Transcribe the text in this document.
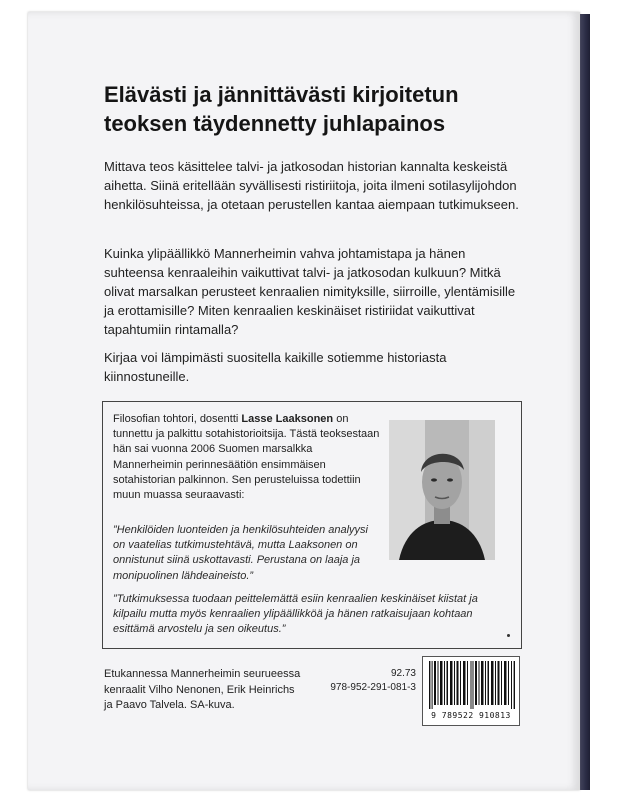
Elävästi ja jännittävästi kirjoitetun teoksen täydennetty juhlapainos

Mittava teos käsittelee talvi- ja jatkosodan historian kannalta keskeistä aihetta. Siinä eritellään syvällisesti ristiriitoja, joita ilmeni sotilasylijohdon henkilösuhteissa, ja otetaan perustellen kantaa aiempaan tutkimukseen.

Kuinka ylipäällikkö Mannerheimin vahva johtamistapa ja hänen suhteensa kenraaleihin vaikuttivat talvi- ja jatkosodan kulkuun? Mitkä olivat marsalkan perusteet kenraalien nimityksille, siirroille, ylentämisille ja erottamisille? Miten kenraalien keskinäiset ristiriidat vaikuttivat tapahtumiin rintamalla?

Kirjaa voi lämpimästi suositella kaikille sotiemme historiasta kiinnostuneille.

Filosofian tohtori, dosentti Lasse Laaksonen on tunnettu ja palkittu sotahistorioitsija. Tästä teoksestaan hän sai vuonna 2006 Suomen marsalkka Mannerheimin perinnesäätiön ensimmäisen sotahistorian palkinnon. Sen perusteluissa todettiin muun muassa seuraavasti:

”Henkilöiden luonteiden ja henkilösuhteiden analyysi on vaatelias tutkimustehtävä, mutta Laaksonen on onnistunut siinä uskottavasti. Perustana on laaja ja monipuolinen lähdeaineisto.”

”Tutkimuksessa tuodaan peittelemättä esiin kenraalien keskinäiset kiistat ja kilpailu mutta myös kenraalien ylipäällikköä ja hänen ratkaisujaan kohtaan esittämä arvostelu ja sen oikeutus.”

Etukannessa Mannerheimin seurueessa kenraalit Vilho Nenonen, Erik Heinrichs ja Paavo Talvela. SA-kuva.

92.73
978-952-291-081-3
9 789522 910813
